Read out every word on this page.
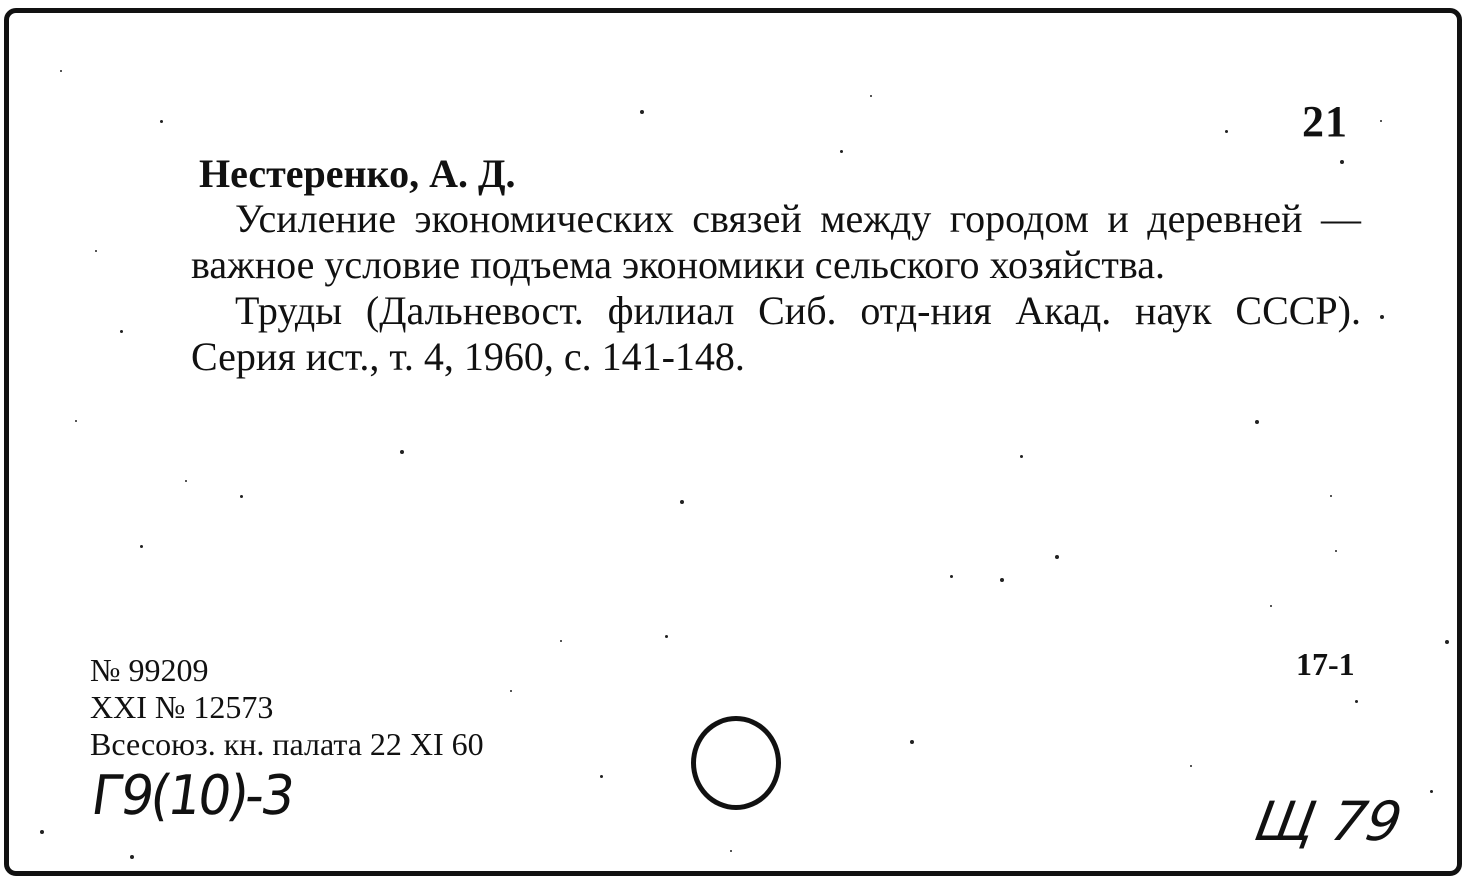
21
Нестеренко, А. Д.

Усиление экономических связей между городом и деревней — важное условие подъема экономики сельского хозяйства.

Труды (Дальневост. филиал Сиб. отд-ния Акад. наук СССР). Серия ист., т. 4, 1960, с. 141-148.

№ 99209
XXI № 12573
Всесоюз. кн. палата 22 XI 60
17-1
Г9(10)-3	Щ 79
